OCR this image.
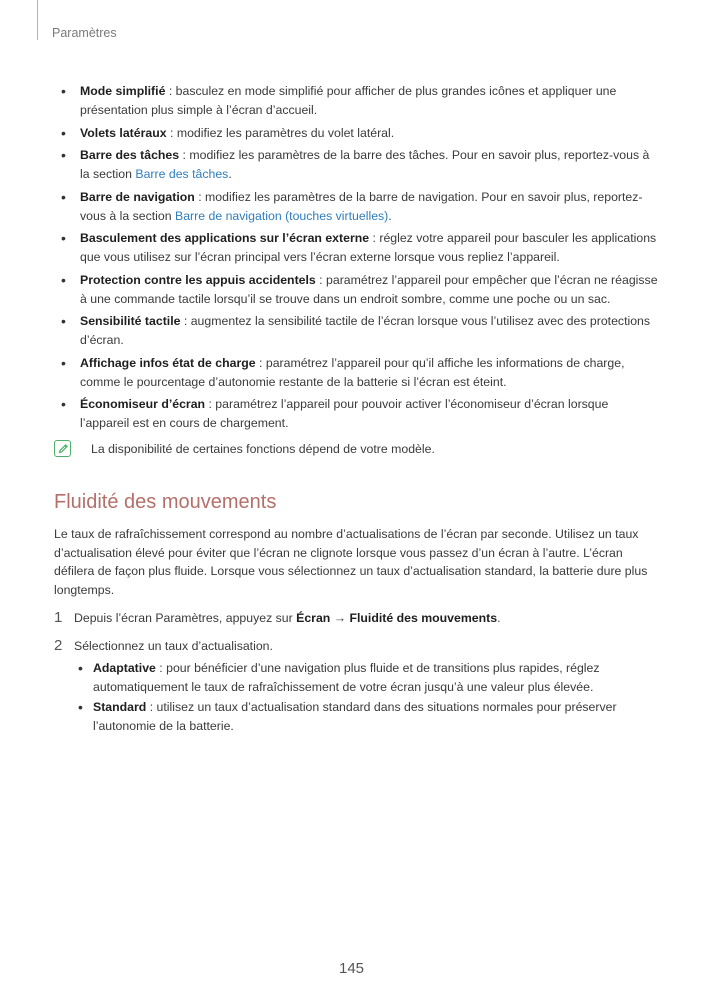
Paramètres
• Mode simplifié : basculez en mode simplifié pour afficher de plus grandes icônes et appliquer une présentation plus simple à l’écran d’accueil.
• Volets latéraux : modifiez les paramètres du volet latéral.
• Barre des tâches : modifiez les paramètres de la barre des tâches. Pour en savoir plus, reportez-vous à la section Barre des tâches.
• Barre de navigation : modifiez les paramètres de la barre de navigation. Pour en savoir plus, reportez-vous à la section Barre de navigation (touches virtuelles).
• Basculement des applications sur l’écran externe : réglez votre appareil pour basculer les applications que vous utilisez sur l’écran principal vers l’écran externe lorsque vous repliez l’appareil.
• Protection contre les appuis accidentels : paramétrez l’appareil pour empêcher que l’écran ne réagisse à une commande tactile lorsqu’il se trouve dans un endroit sombre, comme une poche ou un sac.
• Sensibilité tactile : augmentez la sensibilité tactile de l’écran lorsque vous l’utilisez avec des protections d’écran.
• Affichage infos état de charge : paramétrez l’appareil pour qu’il affiche les informations de charge, comme le pourcentage d’autonomie restante de la batterie si l’écran est éteint.
• Économiseur d’écran : paramétrez l’appareil pour pouvoir activer l’économiseur d’écran lorsque l’appareil est en cours de chargement.
La disponibilité de certaines fonctions dépend de votre modèle.
Fluidité des mouvements

Le taux de rafraîchissement correspond au nombre d’actualisations de l’écran par seconde. Utilisez un taux d’actualisation élevé pour éviter que l’écran ne clignote lorsque vous passez d’un écran à l’autre. L’écran défilera de façon plus fluide. Lorsque vous sélectionnez un taux d’actualisation standard, la batterie dure plus longtemps.

1 Depuis l’écran Paramètres, appuyez sur Écran → Fluidité des mouvements.
2 Sélectionnez un taux d’actualisation.
• Adaptative : pour bénéficier d’une navigation plus fluide et de transitions plus rapides, réglez automatiquement le taux de rafraîchissement de votre écran jusqu’à une valeur plus élevée.
• Standard : utilisez un taux d’actualisation standard dans des situations normales pour préserver l’autonomie de la batterie.
145
